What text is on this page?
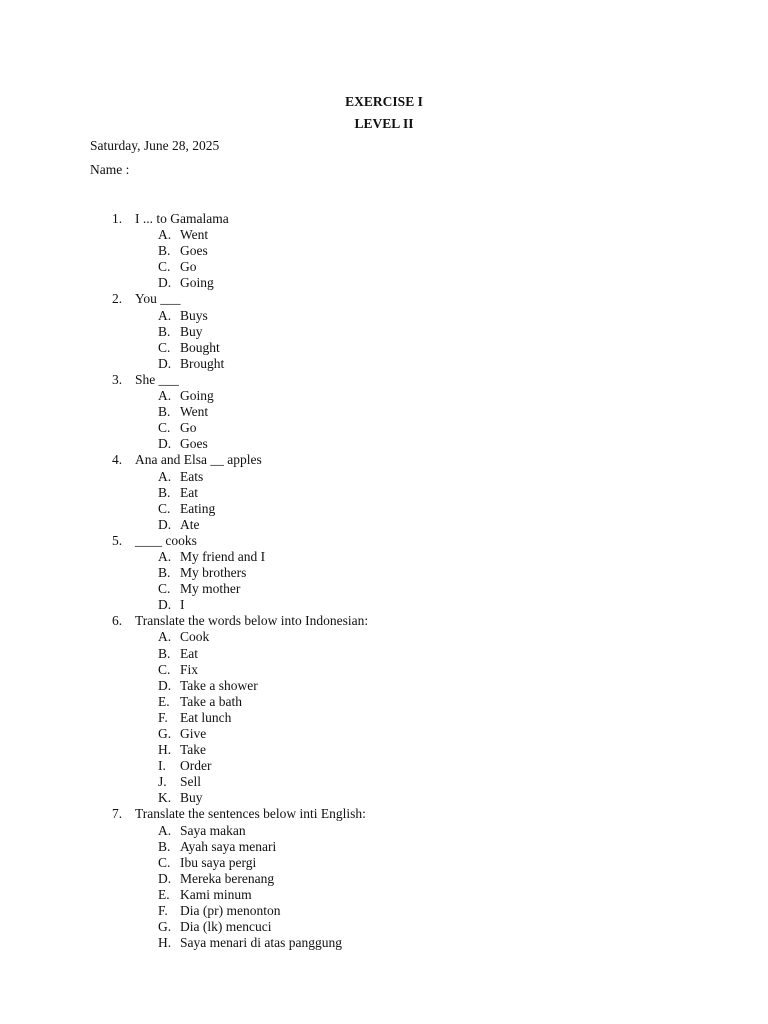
EXERCISE I
LEVEL II
Saturday, June 28, 2025
Name :
1. I ... to Gamalama
A. Went
B. Goes
C. Go
D. Going
2. You ___
A. Buys
B. Buy
C. Bought
D. Brought
3. She ___
A. Going
B. Went
C. Go
D. Goes
4. Ana and Elsa __ apples
A. Eats
B. Eat
C. Eating
D. Ate
5. ____ cooks
A. My friend and I
B. My brothers
C. My mother
D. I
6. Translate the words below into Indonesian:
A. Cook
B. Eat
C. Fix
D. Take a shower
E. Take a bath
F. Eat lunch
G. Give
H. Take
I. Order
J. Sell
K. Buy
7. Translate the sentences below inti English:
A. Saya makan
B. Ayah saya menari
C. Ibu saya pergi
D. Mereka berenang
E. Kami minum
F. Dia (pr) menonton
G. Dia (lk) mencuci
H. Saya menari di atas panggung
